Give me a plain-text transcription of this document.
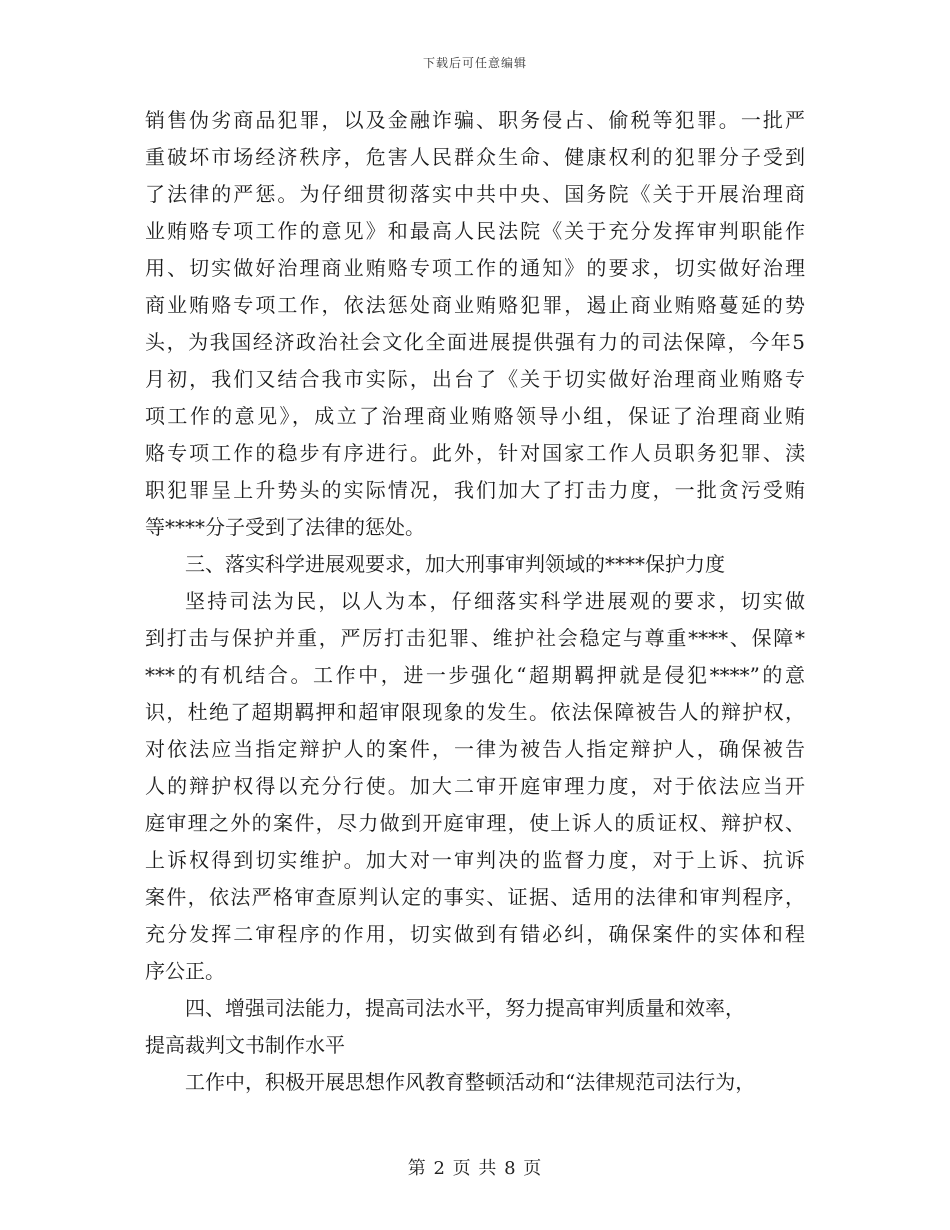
下载后可任意编辑
销售伪劣商品犯罪，以及金融诈骗、职务侵占、偷税等犯罪。一批严
重破坏市场经济秩序，危害人民群众生命、健康权利的犯罪分子受到
了法律的严惩。为仔细贯彻落实中共中央、国务院《关于开展治理商
业贿赂专项工作的意见》和最高人民法院《关于充分发挥审判职能作
用、切实做好治理商业贿赂专项工作的通知》的要求，切实做好治理
商业贿赂专项工作，依法惩处商业贿赂犯罪，遏止商业贿赂蔓延的势
头，为我国经济政治社会文化全面进展提供强有力的司法保障，今年5
月初，我们又结合我市实际，出台了《关于切实做好治理商业贿赂专
项工作的意见》，成立了治理商业贿赂领导小组，保证了治理商业贿
赂专项工作的稳步有序进行。此外，针对国家工作人员职务犯罪、渎
职犯罪呈上升势头的实际情况，我们加大了打击力度，一批贪污受贿
等****分子受到了法律的惩处。
三、落实科学进展观要求，加大刑事审判领域的****保护力度
坚持司法为民，以人为本，仔细落实科学进展观的要求，切实做
到打击与保护并重，严厉打击犯罪、维护社会稳定与尊重****、保障*
***的有机结合。工作中，进一步强化“超期羁押就是侵犯****”的意
识，杜绝了超期羁押和超审限现象的发生。依法保障被告人的辩护权，
对依法应当指定辩护人的案件，一律为被告人指定辩护人，确保被告
人的辩护权得以充分行使。加大二审开庭审理力度，对于依法应当开
庭审理之外的案件，尽力做到开庭审理，使上诉人的质证权、辩护权、
上诉权得到切实维护。加大对一审判决的监督力度，对于上诉、抗诉
案件，依法严格审查原判认定的事实、证据、适用的法律和审判程序，
充分发挥二审程序的作用，切实做到有错必纠，确保案件的实体和程
序公正。
四、增强司法能力，提高司法水平，努力提高审判质量和效率，
提高裁判文书制作水平
工作中，积极开展思想作风教育整顿活动和“法律规范司法行为，
第 2 页 共 8 页
